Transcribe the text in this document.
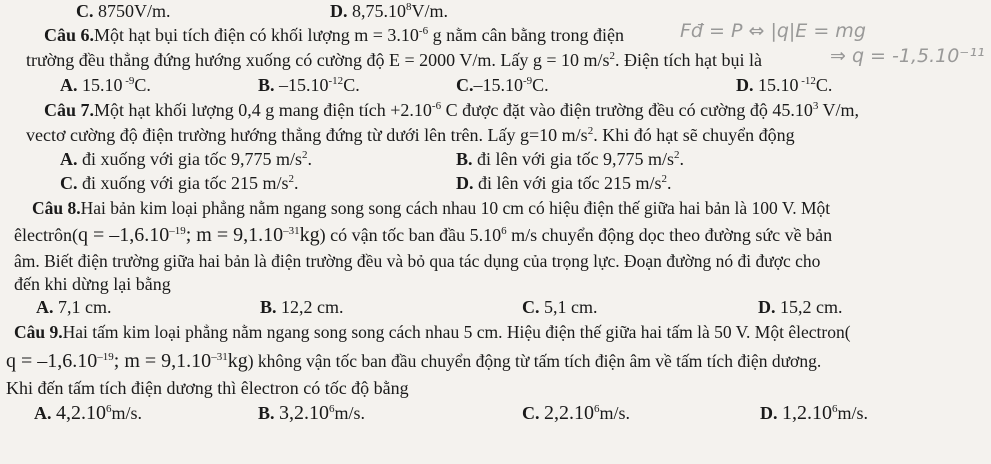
C. 8750V/m.	D. 8,75.10$^8$V/m.
Câu 6.Một hạt bụi tích điện có khối lượng $m = 3.10^{-6}$ g nằm cân bằng trong điện	Fđ = P ⇔ |q|E = mg
trường đều thẳng đứng hướng xuống có cường độ E = 2000 V/m. Lấy g = 10 $m/s^2$. Điện tích hạt bụi là	⇒ q = -1,5.10⁻¹¹
A. 15.10 $^{-9}$C.	B. $-15.10^{-12}C$.	$C.-15.10^{-9}C$.	D. 15.10 $^{-12}$C.
Câu 7.Một hạt khối lượng 0,4 g mang điện tích $+2.10^{-6}$ C được đặt vào điện trường đều có cường độ 45.10$^3$ V/m,
vectơ cường độ điện trường hướng thẳng đứng từ dưới lên trên. Lấy g=10 $m/s^2$. Khi đó hạt sẽ chuyển động
A. đi xuống với gia tốc 9,775 $m/s^2$.	B. đi lên với gia tốc 9,775 $m/s^2$.
C. đi xuống với gia tốc 215 $m/s^2$.	D. đi lên với gia tốc 215 $m/s^2$.
Câu 8.Hai bản kim loại phẳng nằm ngang song song cách nhau 10 cm có hiệu điện thế giữa hai bản là 100 V. Một
êlectrôn(q = $-1,6.10^{-19}$; $m = 9,1.10^{-31}kg$) có vận tốc ban đầu 5.10$^6$ m/s chuyển động dọc theo đường sức về bản
âm. Biết điện trường giữa hai bản là điện trường đều và bỏ qua tác dụng của trọng lực. Đoạn đường nó đi được cho
đến khi dừng lại bằng
A. 7,1 cm.	B. 12,2 cm.	C. 5,1 cm.	D. 15,2 cm.
Câu 9.Hai tấm kim loại phẳng nằm ngang song song cách nhau 5 cm. Hiệu điện thế giữa hai tấm là 50 V. Một êlectron(
$q = -1,6.10^{-19}$; $m = 9,1.10^{-31}kg$) không vận tốc ban đầu chuyển động từ tấm tích điện âm về tấm tích điện dương.
Khi đến tấm tích điện dương thì êlectron có tốc độ bằng
A. 4,2.10$^6$m/s.	B. 3,2.10$^6$m/s.	C. 2,2.10$^6$m/s.	D. 1,2.10$^6$m/s.
